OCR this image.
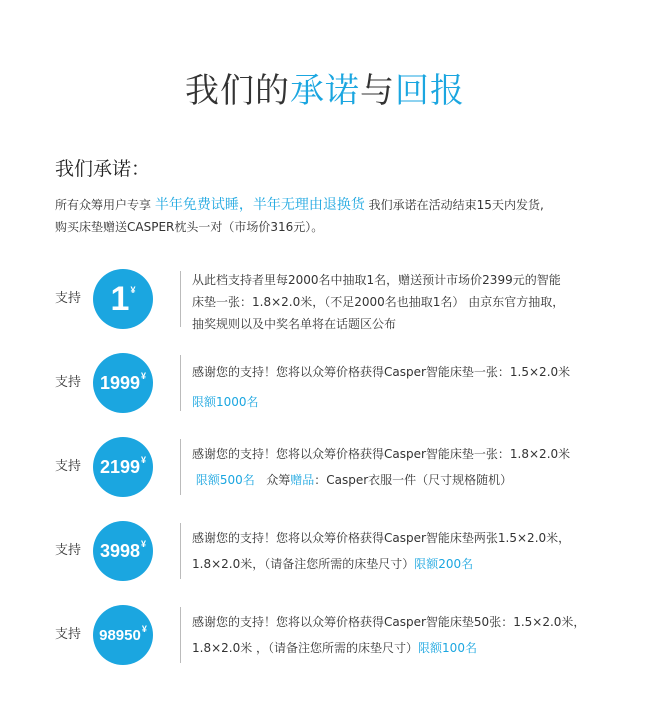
我们的承诺与回报
我们承诺：
所有众筹用户专享 半年免费试睡，半年无理由退换货 我们承诺在活动结束15天内发货,
购买床垫赠送CASPER枕头一对（市场价316元）。
支持 1 ¥
从此档支持者里每2000名中抽取1名，赠送预计市场价2399元的智能
床垫一张：1.8×2.0米，（不足2000名也抽取1名） 由京东官方抽取，
抽奖规则以及中奖名单将在话题区公布
支持 1999 ¥	感谢您的支持！您将以众筹价格获得Casper智能床垫一张：1.5×2.0米
限额1000名
支持 2199 ¥	感谢您的支持！您将以众筹价格获得Casper智能床垫一张：1.8×2.0米
限额500名 众筹赠品：Casper衣服一件（尺寸规格随机）
支持 3998 ¥	感谢您的支持！您将以众筹价格获得Casper智能床垫两张1.5×2.0米，
1.8×2.0米，（请备注您所需的床垫尺寸）限额200名
支持 98950 ¥	感谢您的支持！您将以众筹价格获得Casper智能床垫50张：1.5×2.0米，
1.8×2.0米 ，（请备注您所需的床垫尺寸）限额100名
